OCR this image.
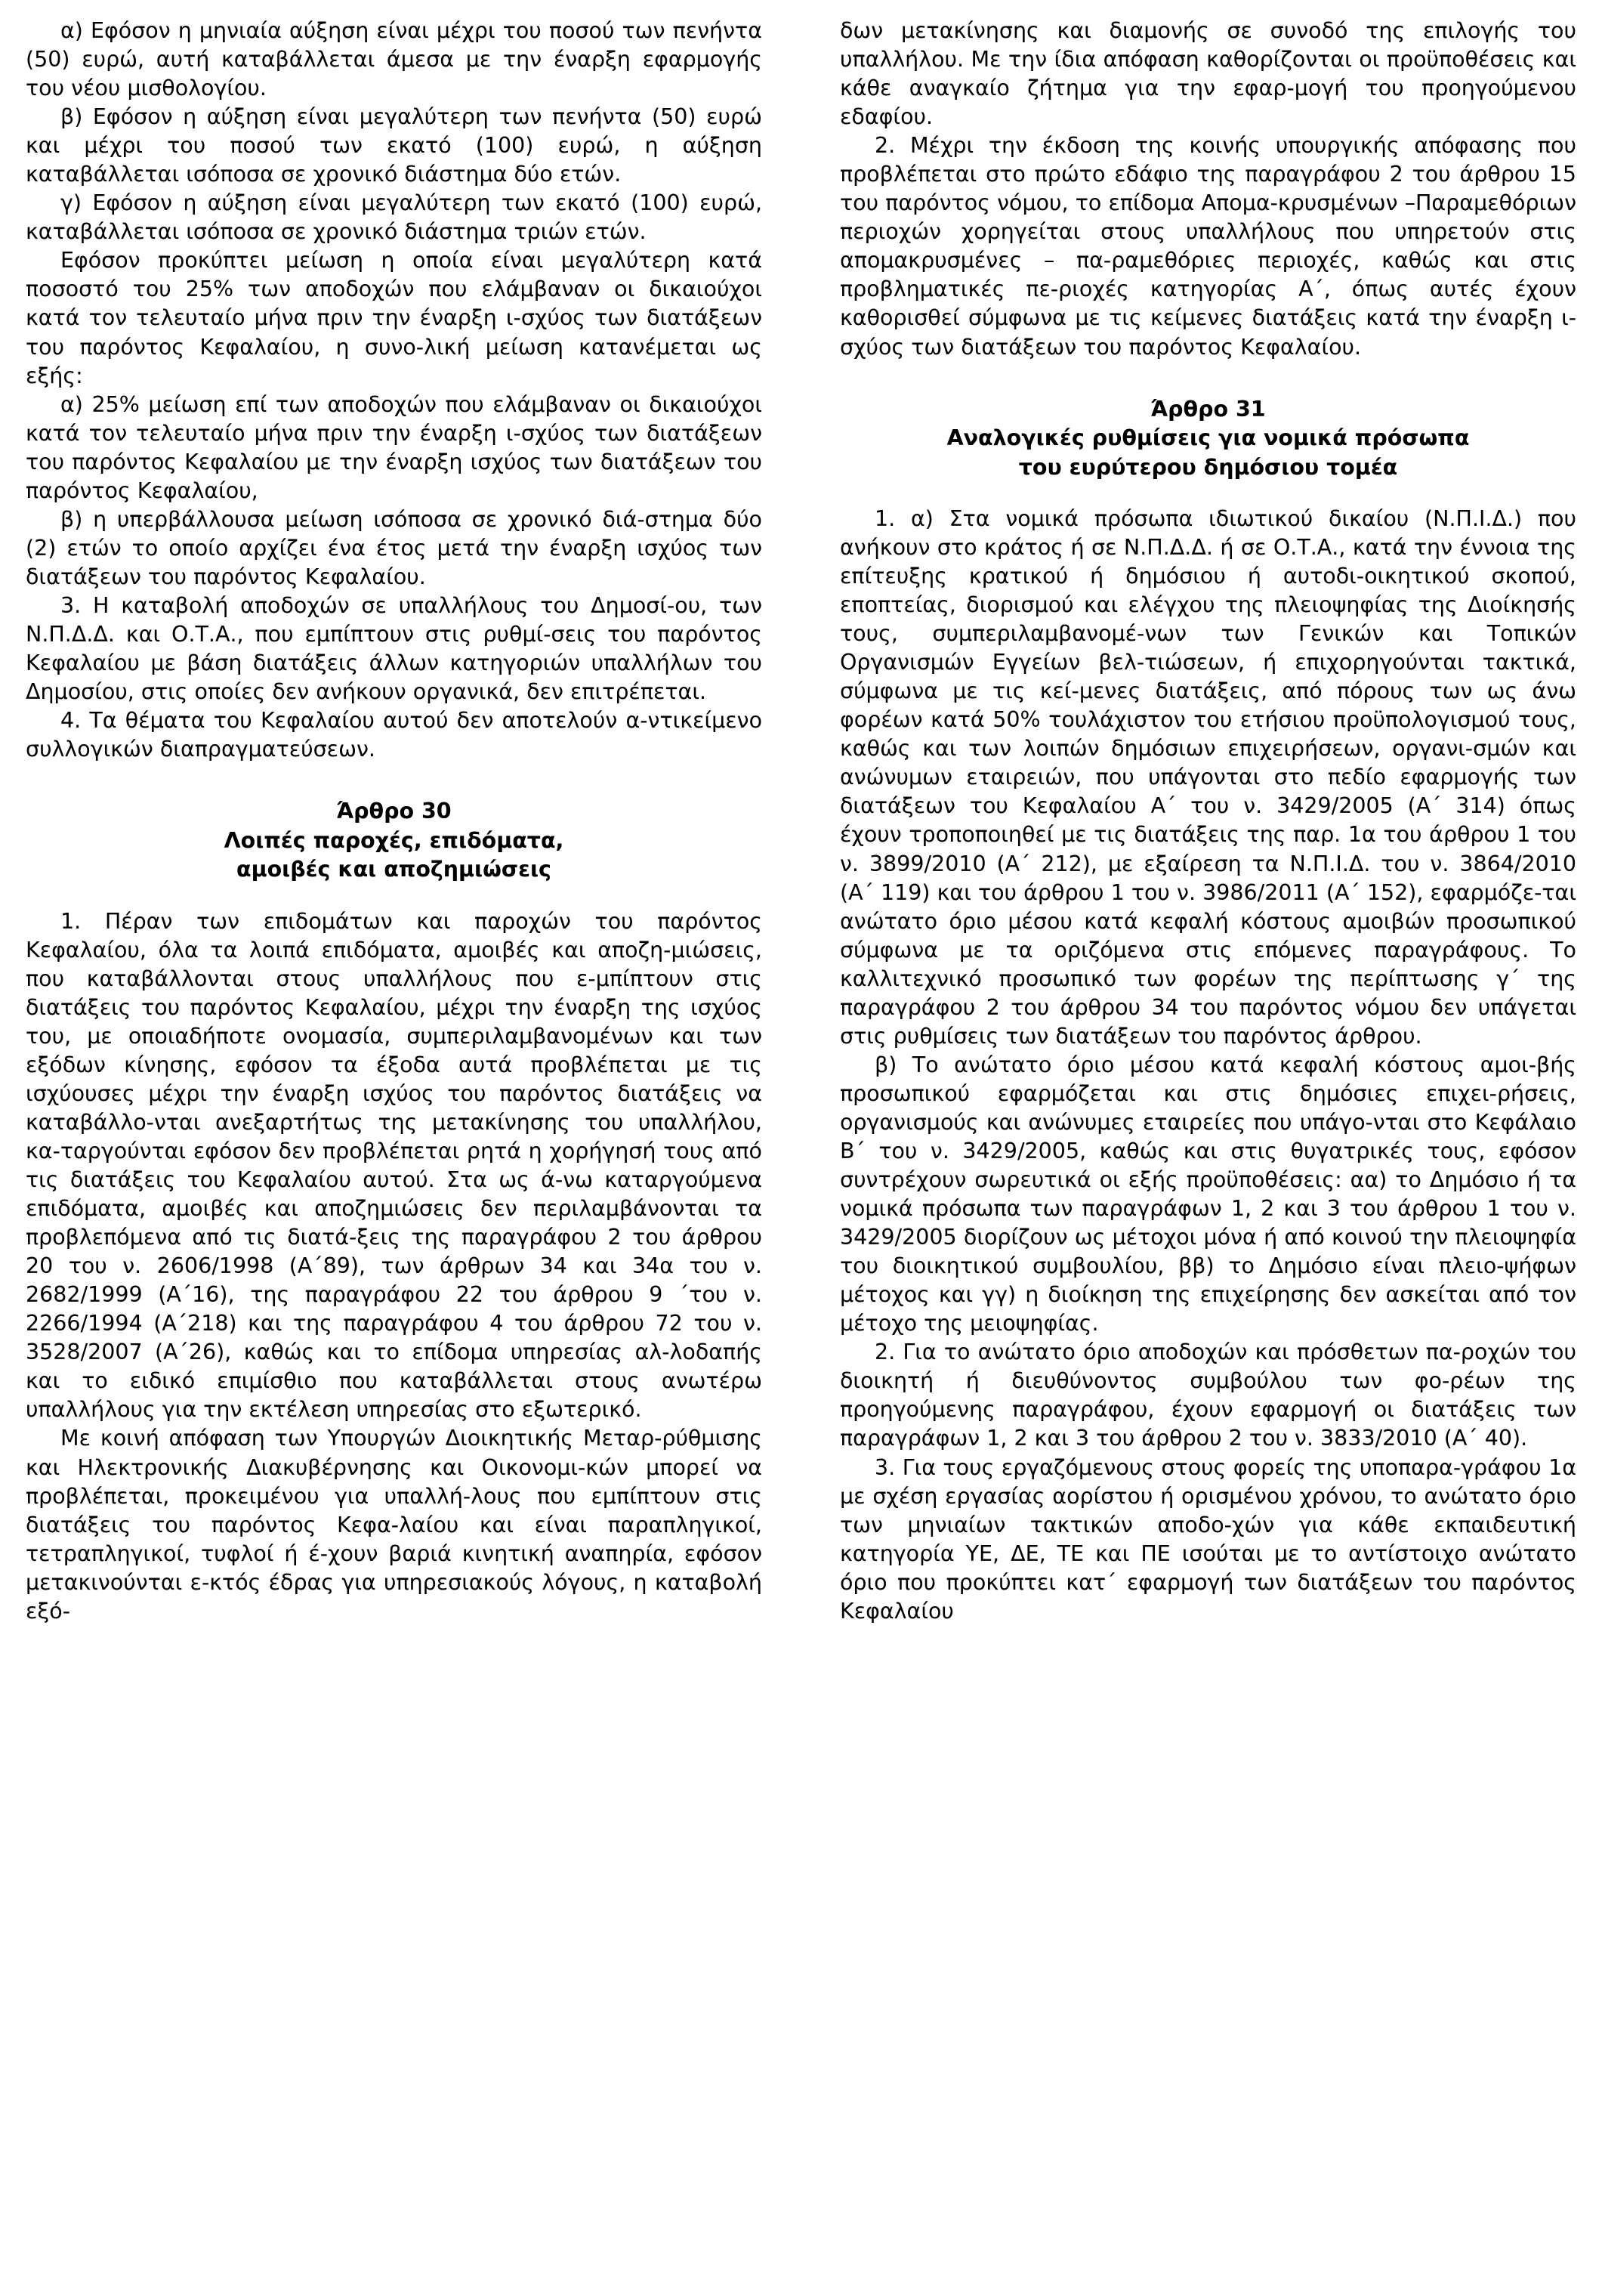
α) Εφόσον η μηνιαία αύξηση είναι μέχρι του ποσού των πενήντα (50) ευρώ, αυτή καταβάλλεται άμεσα με την έναρξη εφαρμογής του νέου μισθολογίου.

β) Εφόσον η αύξηση είναι μεγαλύτερη των πενήντα (50) ευρώ και μέχρι του ποσού των εκατό (100) ευρώ, η αύξηση καταβάλλεται ισόποσα σε χρονικό διάστημα δύο ετών.

γ) Εφόσον η αύξηση είναι μεγαλύτερη των εκατό (100) ευρώ, καταβάλλεται ισόποσα σε χρονικό διάστημα τριών ετών.

Εφόσον προκύπτει μείωση η οποία είναι μεγαλύτερη κατά ποσοστό του 25% των αποδοχών που ελάμβαναν οι δικαιούχοι κατά τον τελευταίο μήνα πριν την έναρξη ι-σχύος των διατάξεων του παρόντος Κεφαλαίου, η συνο-λική μείωση κατανέμεται ως εξής:

α) 25% μείωση επί των αποδοχών που ελάμβαναν οι δικαιούχοι κατά τον τελευταίο μήνα πριν την έναρξη ι-σχύος των διατάξεων του παρόντος Κεφαλαίου με την έναρξη ισχύος των διατάξεων του παρόντος Κεφαλαίου,

β) η υπερβάλλουσα μείωση ισόποσα σε χρονικό διά-στημα δύο (2) ετών το οποίο αρχίζει ένα έτος μετά την έναρξη ισχύος των διατάξεων του παρόντος Κεφαλαίου.

3. Η καταβολή αποδοχών σε υπαλλήλους του Δημοσί-ου, των Ν.Π.Δ.Δ. και Ο.Τ.Α., που εμπίπτουν στις ρυθμί-σεις του παρόντος Κεφαλαίου με βάση διατάξεις άλλων κατηγοριών υπαλλήλων του Δημοσίου, στις οποίες δεν ανήκουν οργανικά, δεν επιτρέπεται.

4. Τα θέματα του Κεφαλαίου αυτού δεν αποτελούν α-ντικείμενο συλλογικών διαπραγματεύσεων.

Άρθρο 30

Λοιπές παροχές, επιδόματα,

αμοιβές και αποζημιώσεις

1. Πέραν των επιδομάτων και παροχών του παρόντος Κεφαλαίου, όλα τα λοιπά επιδόματα, αμοιβές και αποζη-μιώσεις, που καταβάλλονται στους υπαλλήλους που ε-μπίπτουν στις διατάξεις του παρόντος Κεφαλαίου, μέχρι την έναρξη της ισχύος του, με οποιαδήποτε ονομασία, συμπεριλαμβανομένων και των εξόδων κίνησης, εφόσον τα έξοδα αυτά προβλέπεται με τις ισχύουσες μέχρι την έναρξη ισχύος του παρόντος διατάξεις να καταβάλλο-νται ανεξαρτήτως της μετακίνησης του υπαλλήλου, κα-ταργούνται εφόσον δεν προβλέπεται ρητά η χορήγησή τους από τις διατάξεις του Κεφαλαίου αυτού. Στα ως ά-νω καταργούμενα επιδόματα, αμοιβές και αποζημιώσεις δεν περιλαμβάνονται τα προβλεπόμενα από τις διατά-ξεις της παραγράφου 2 του άρθρου 20 του ν. 2606/1998 (Α΄89), των άρθρων 34 και 34α του ν. 2682/1999 (Α΄16), της παραγράφου 22 του άρθρου 9 ΄του ν. 2266/1994 (Α΄218) και της παραγράφου 4 του άρθρου 72 του ν. 3528/2007 (Α΄26), καθώς και το επίδομα υπηρεσίας αλ-λοδαπής και το ειδικό επιμίσθιο που καταβάλλεται στους ανωτέρω υπαλλήλους για την εκτέλεση υπηρεσίας στο εξωτερικό.

Με κοινή απόφαση των Υπουργών Διοικητικής Μεταρ-ρύθμισης και Ηλεκτρονικής Διακυβέρνησης και Οικονομι-κών μπορεί να προβλέπεται, προκειμένου για υπαλλή-λους που εμπίπτουν στις διατάξεις του παρόντος Κεφα-λαίου και είναι παραπληγικοί, τετραπληγικοί, τυφλοί ή έ-χουν βαριά κινητική αναπηρία, εφόσον μετακινούνται ε-κτός έδρας για υπηρεσιακούς λόγους, η καταβολή εξό-

δων μετακίνησης και διαμονής σε συνοδό της επιλογής του υπαλλήλου. Με την ίδια απόφαση καθορίζονται οι προϋποθέσεις και κάθε αναγκαίο ζήτημα για την εφαρ-μογή του προηγούμενου εδαφίου.

2. Μέχρι την έκδοση της κοινής υπουργικής απόφασης που προβλέπεται στο πρώτο εδάφιο της παραγράφου 2 του άρθρου 15 του παρόντος νόμου, το επίδομα Απομα-κρυσμένων –Παραμεθόριων περιοχών χορηγείται στους υπαλλήλους που υπηρετούν στις απομακρυσμένες – πα-ραμεθόριες περιοχές, καθώς και στις προβληματικές πε-ριοχές κατηγορίας Α΄, όπως αυτές έχουν καθορισθεί σύμφωνα με τις κείμενες διατάξεις κατά την έναρξη ι-σχύος των διατάξεων του παρόντος Κεφαλαίου.

Άρθρο 31

Αναλογικές ρυθμίσεις για νομικά πρόσωπα

του ευρύτερου δημόσιου τομέα

1. α) Στα νομικά πρόσωπα ιδιωτικού δικαίου (Ν.Π.Ι.Δ.) που ανήκουν στο κράτος ή σε Ν.Π.Δ.Δ. ή σε Ο.Τ.Α., κατά την έννοια της επίτευξης κρατικού ή δημόσιου ή αυτοδι-οικητικού σκοπού, εποπτείας, διορισμού και ελέγχου της πλειοψηφίας της Διοίκησής τους, συμπεριλαμβανομέ-νων των Γενικών και Τοπικών Οργανισμών Εγγείων βελ-τιώσεων, ή επιχορηγούνται τακτικά, σύμφωνα με τις κεί-μενες διατάξεις, από πόρους των ως άνω φορέων κατά 50% τουλάχιστον του ετήσιου προϋπολογισμού τους, καθώς και των λοιπών δημόσιων επιχειρήσεων, οργανι-σμών και ανώνυμων εταιρειών, που υπάγονται στο πεδίο εφαρμογής των διατάξεων του Κεφαλαίου Α΄ του ν. 3429/2005 (Α΄ 314) όπως έχουν τροποποιηθεί με τις διατάξεις της παρ. 1α του άρθρου 1 του ν. 3899/2010 (Α΄ 212), με εξαίρεση τα Ν.Π.Ι.Δ. του ν. 3864/2010 (Α΄ 119) και του άρθρου 1 του ν. 3986/2011 (Α΄ 152), εφαρμόζε-ται ανώτατο όριο μέσου κατά κεφαλή κόστους αμοιβών προσωπικού σύμφωνα με τα οριζόμενα στις επόμενες παραγράφους. Το καλλιτεχνικό προσωπικό των φορέων της περίπτωσης γ΄ της παραγράφου 2 του άρθρου 34 του παρόντος νόμου δεν υπάγεται στις ρυθμίσεις των διατάξεων του παρόντος άρθρου.

β) Το ανώτατο όριο μέσου κατά κεφαλή κόστους αμοι-βής προσωπικού εφαρμόζεται και στις δημόσιες επιχει-ρήσεις, οργανισμούς και ανώνυμες εταιρείες που υπάγο-νται στο Κεφάλαιο Β΄ του ν. 3429/2005, καθώς και στις θυγατρικές τους, εφόσον συντρέχουν σωρευτικά οι εξής προϋποθέσεις: αα) το Δημόσιο ή τα νομικά πρόσωπα των παραγράφων 1, 2 και 3 του άρθρου 1 του ν. 3429/2005 διορίζουν ως μέτοχοι μόνα ή από κοινού την πλειοψηφία του διοικητικού συμβουλίου, ββ) το Δημόσιο είναι πλειο-ψήφων μέτοχος και γγ) η διοίκηση της επιχείρησης δεν ασκείται από τον μέτοχο της μειοψηφίας.

2. Για το ανώτατο όριο αποδοχών και πρόσθετων πα-ροχών του διοικητή ή διευθύνοντος συμβούλου των φο-ρέων της προηγούμενης παραγράφου, έχουν εφαρμογή οι διατάξεις των παραγράφων 1, 2 και 3 του άρθρου 2 του ν. 3833/2010 (Α΄ 40).

3. Για τους εργαζόμενους στους φορείς της υποπαρα-γράφου 1α με σχέση εργασίας αορίστου ή ορισμένου χρόνου, το ανώτατο όριο των μηνιαίων τακτικών αποδο-χών για κάθε εκπαιδευτική κατηγορία ΥΕ, ΔΕ, ΤΕ και ΠΕ ισούται με το αντίστοιχο ανώτατο όριο που προκύπτει κατ΄ εφαρμογή των διατάξεων του παρόντος Κεφαλαίου
